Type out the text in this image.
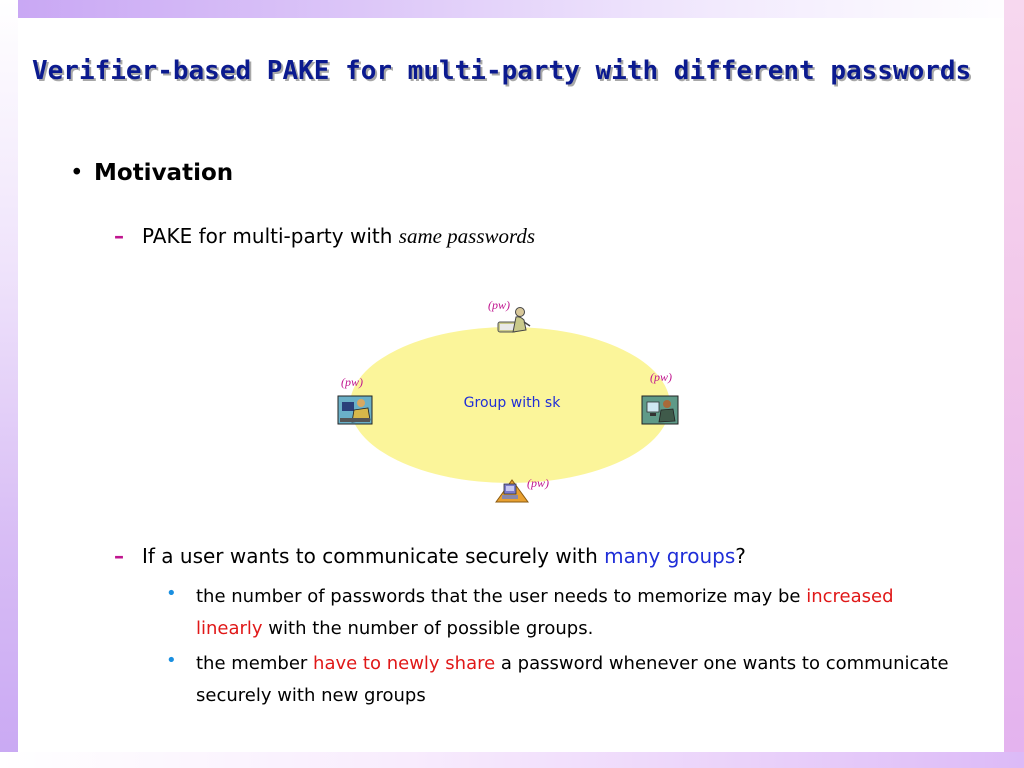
Verifier-based PAKE for multi-party with different passwords
• Motivation
– PAKE for multi-party with same passwords
Group with sk
(pw)
(pw)	(pw)
(pw)
– If a user wants to communicate securely with many groups?
• the number of passwords that the user needs to memorize may be increased linearly with the number of possible groups.
• the member have to newly share a password whenever one wants to communicate securely with new groups
